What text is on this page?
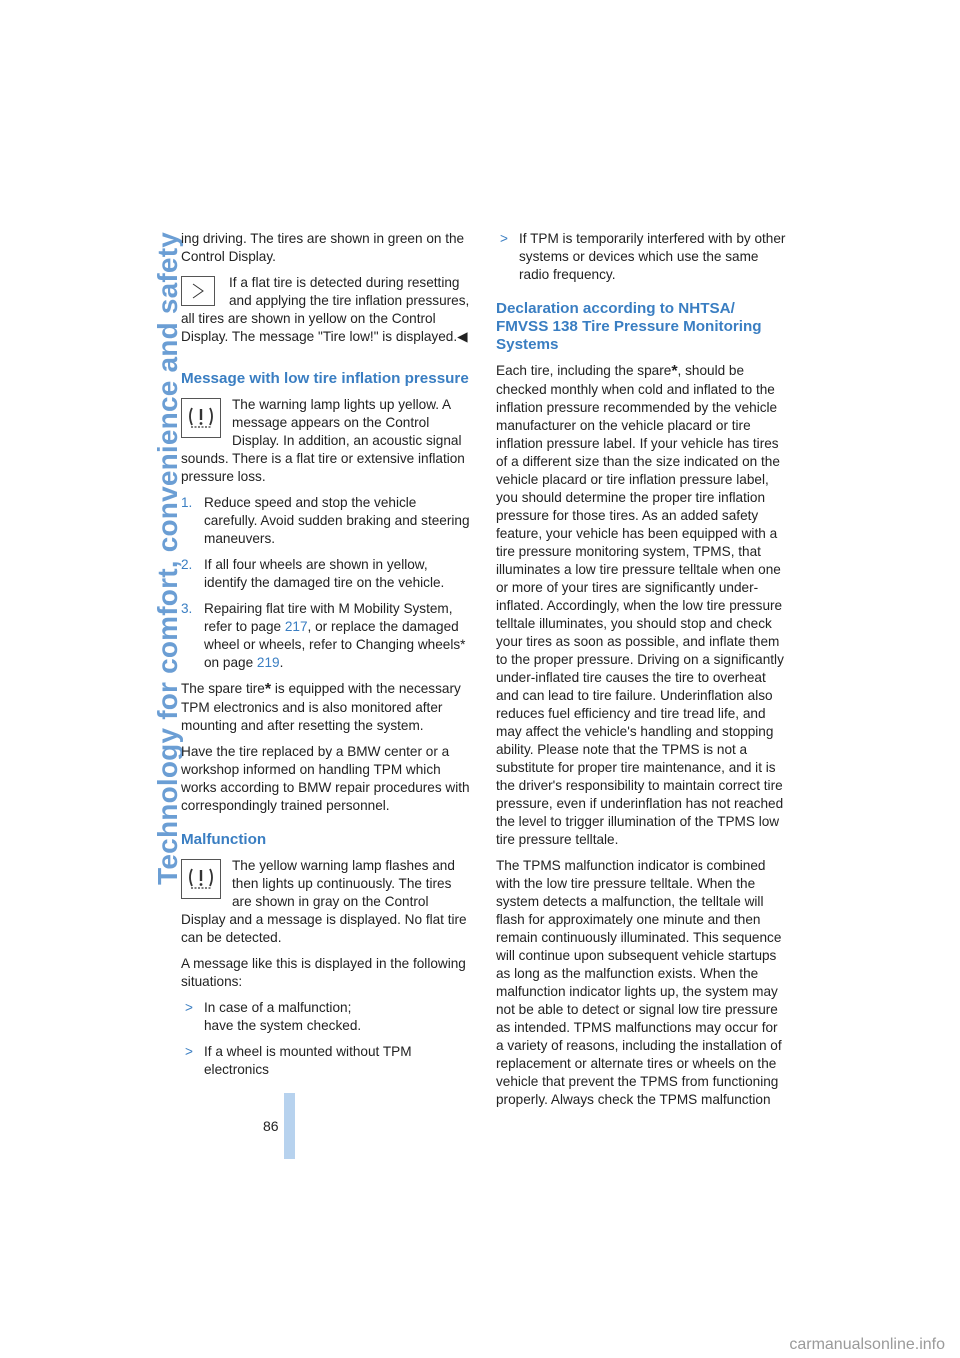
Technology for comfort, convenience and safety

ing driving. The tires are shown in green on the Control Display.

If a flat tire is detected during resetting and applying the tire inflation pressures, all tires are shown in yellow on the Control Display. The message "Tire low!" is displayed.◀

Message with low tire inflation pressure

The warning lamp lights up yellow. A message appears on the Control Display. In addition, an acoustic signal sounds. There is a flat tire or extensive inflation pressure loss.

1. Reduce speed and stop the vehicle carefully. Avoid sudden braking and steering maneuvers.
2. If all four wheels are shown in yellow, identify the damaged tire on the vehicle.
3. Repairing flat tire with M Mobility System, refer to page 217, or replace the damaged wheel or wheels, refer to Changing wheels* on page 219.

The spare tire* is equipped with the necessary TPM electronics and is also monitored after mounting and after resetting the system.

Have the tire replaced by a BMW center or a workshop informed on handling TPM which works according to BMW repair procedures with correspondingly trained personnel.

Malfunction

The yellow warning lamp flashes and then lights up continuously. The tires are shown in gray on the Control Display and a message is displayed. No flat tire can be detected.

A message like this is displayed in the following situations:

> In case of a malfunction;
have the system checked.
> If a wheel is mounted without TPM electronics
> If TPM is temporarily interfered with by other systems or devices which use the same radio frequency.
Declaration according to NHTSA/ FMVSS 138 Tire Pressure Monitoring Systems

Each tire, including the spare*, should be checked monthly when cold and inflated to the inflation pressure recommended by the vehicle manufacturer on the vehicle placard or tire inflation pressure label. If your vehicle has tires of a different size than the size indicated on the vehicle placard or tire inflation pressure label, you should determine the proper tire inflation pressure for those tires. As an added safety feature, your vehicle has been equipped with a tire pressure monitoring system, TPMS, that illuminates a low tire pressure telltale when one or more of your tires are significantly under-inflated. Accordingly, when the low tire pressure telltale illuminates, you should stop and check your tires as soon as possible, and inflate them to the proper pressure. Driving on a significantly under-inflated tire causes the tire to overheat and can lead to tire failure. Underinflation also reduces fuel efficiency and tire tread life, and may affect the vehicle's handling and stopping ability. Please note that the TPMS is not a substitute for proper tire maintenance, and it is the driver's responsibility to maintain correct tire pressure, even if underinflation has not reached the level to trigger illumination of the TPMS low tire pressure telltale.

The TPMS malfunction indicator is combined with the low tire pressure telltale. When the system detects a malfunction, the telltale will flash for approximately one minute and then remain continuously illuminated. This sequence will continue upon subsequent vehicle startups as long as the malfunction exists. When the malfunction indicator lights up, the system may not be able to detect or signal low tire pressure as intended. TPMS malfunctions may occur for a variety of reasons, including the installation of replacement or alternate tires or wheels on the vehicle that prevent the TPMS from functioning properly. Always check the TPMS malfunction

86
carmanualsonline.info
